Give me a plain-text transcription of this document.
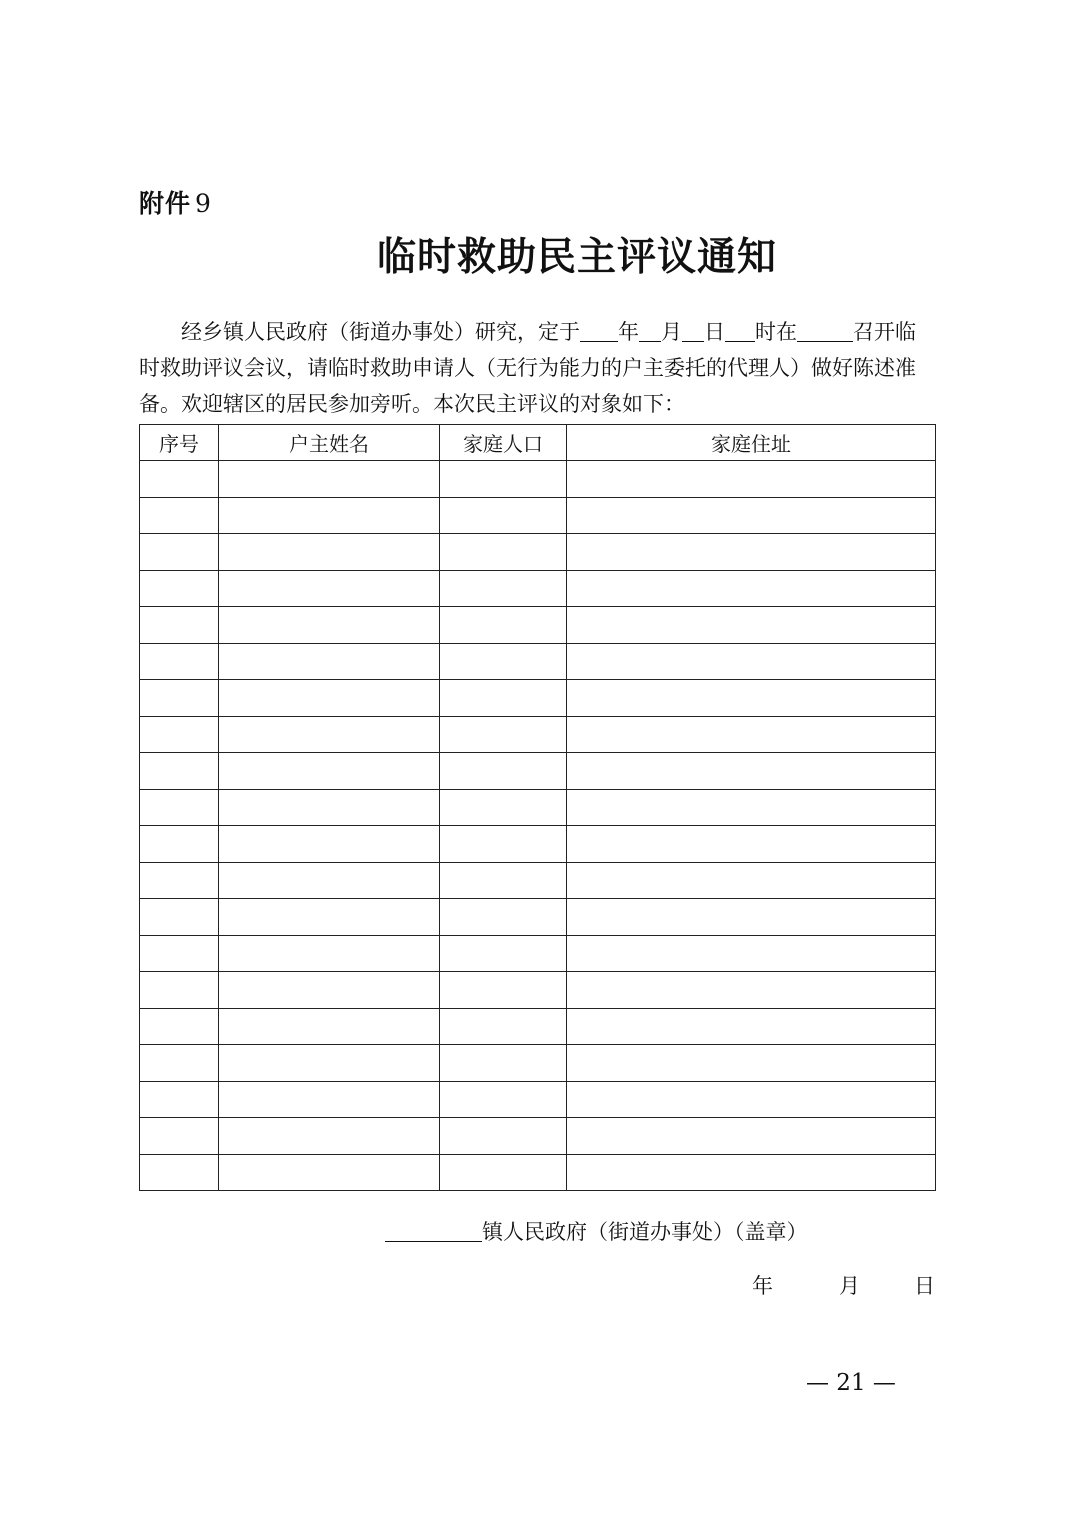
附件 9
临时救助民主评议通知
经乡镇人民政府（街道办事处）研究，定于 年 月 日 时在	召开临
时救助评议会议，请临时救助申请人（无行为能力的户主委托的代理人）做好陈述准
备。欢迎辖区的居民参加旁听。本次民主评议的对象如下：
序号	户主姓名	家庭人口	家庭住址

镇人民政府（街道办事处）（盖章）
年	月	日
— 21 —
